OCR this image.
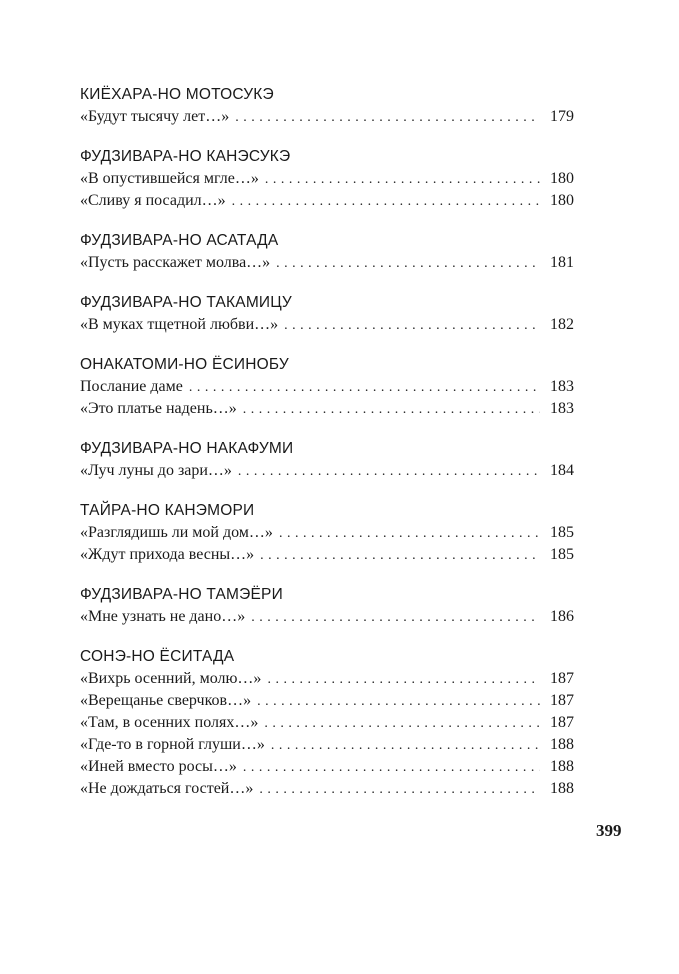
КИЁХАРА-НО МОТОСУКЭ
«Будут тысячу лет…» . . .	179
ФУДЗИВАРА-НО КАНЭСУКЭ
«В опустившейся мгле…» . . .	180
«Сливу я посадил…» . . .	180
ФУДЗИВАРА-НО АСАТАДА
«Пусть расскажет молва…» . . .	181
ФУДЗИВАРА-НО ТАКАМИЦУ
«В муках тщетной любви…» . . .	182
ОНАКАТОМИ-НО ЁСИНОБУ
Послание даме . . .	183
«Это платье надень…» . . .	183
ФУДЗИВАРА-НО НАКАФУМИ
«Луч луны до зари…» . . .	184
ТАЙРА-НО КАНЭМОРИ
«Разглядишь ли мой дом…» . . .	185
«Ждут прихода весны…» . . .	185
ФУДЗИВАРА-НО ТАМЭЁРИ
«Мне узнать не дано…» . . .	186
СОНЭ-НО ЁСИТАДА
«Вихрь осенний, молю…» . . .	187
«Верещанье сверчков…» . . .	187
«Там, в осенних полях…» . . .	187
«Где-то в горной глуши…» . . .	188
«Иней вместо росы…» . . .	188
«Не дождаться гостей…» . . .	188
399
